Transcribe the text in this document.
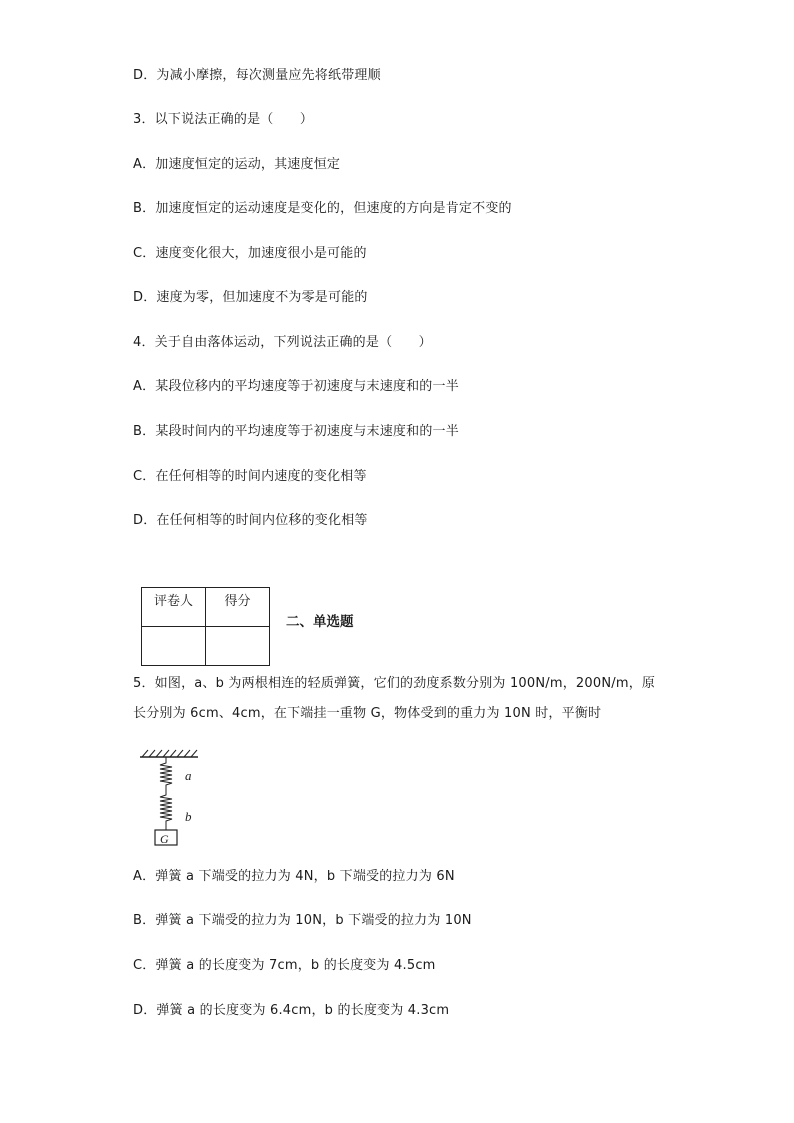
D．为减小摩擦，每次测量应先将纸带理顺
3．以下说法正确的是（　　）
A．加速度恒定的运动，其速度恒定
B．加速度恒定的运动速度是变化的，但速度的方向是肯定不变的
C．速度变化很大，加速度很小是可能的
D．速度为零，但加速度不为零是可能的
4．关于自由落体运动，下列说法正确的是（　　）
A．某段位移内的平均速度等于初速度与末速度和的一半
B．某段时间内的平均速度等于初速度与末速度和的一半
C．在任何相等的时间内速度的变化相等
D．在任何相等的时间内位移的变化相等
评卷人	得分

二、单选题
5．如图，a、b 为两根相连的轻质弹簧，它们的劲度系数分别为 100N/m，200N/m，原
长分别为 6cm、4cm，在下端挂一重物 G，物体受到的重力为 10N 时，平衡时
a
b
G
A．弹簧 a 下端受的拉力为 4N，b 下端受的拉力为 6N
B．弹簧 a 下端受的拉力为 10N，b 下端受的拉力为 10N
C．弹簧 a 的长度变为 7cm，b 的长度变为 4.5cm
D．弹簧 a 的长度变为 6.4cm，b 的长度变为 4.3cm
